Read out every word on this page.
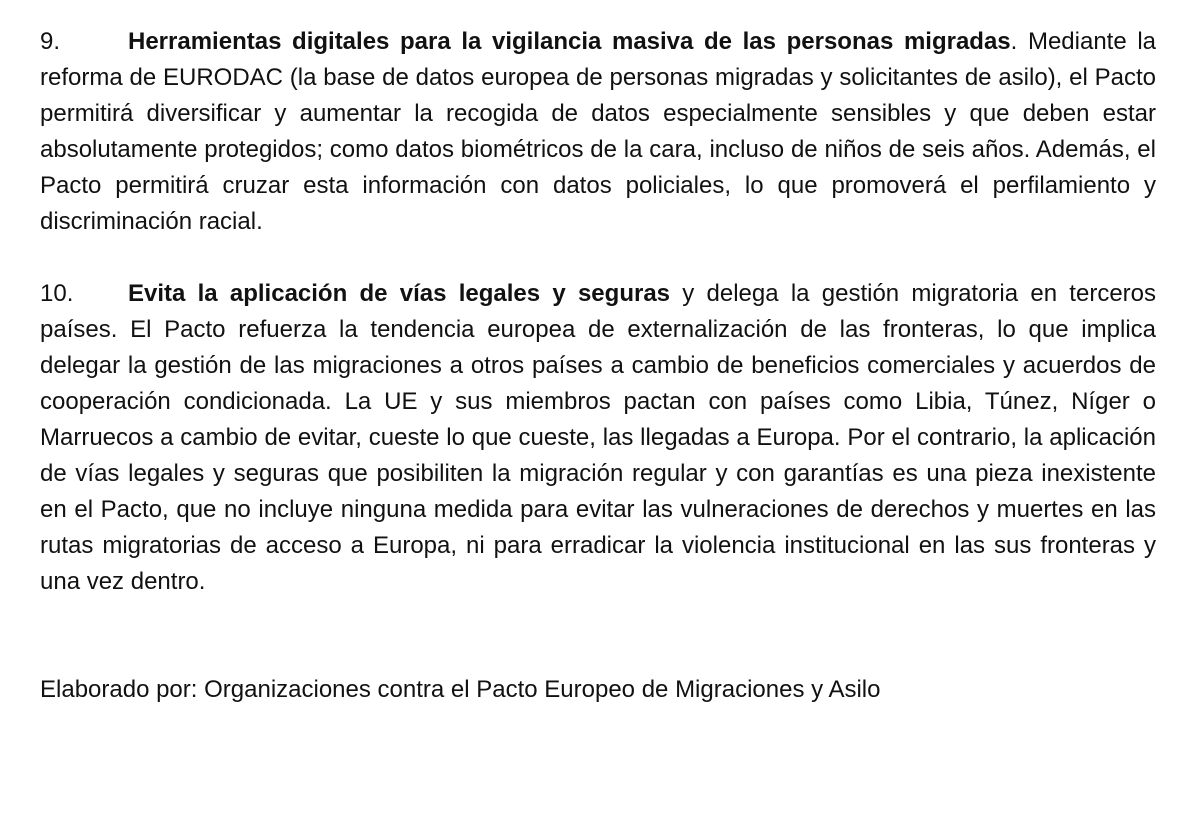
9.	Herramientas digitales para la vigilancia masiva de las personas migradas. Mediante la reforma de EURODAC (la base de datos europea de personas migradas y solicitantes de asilo), el Pacto permitirá diversificar y aumentar la recogida de datos especialmente sensibles y que deben estar absolutamente protegidos; como datos biométricos de la cara, incluso de niños de seis años. Además, el Pacto permitirá cruzar esta información con datos policiales, lo que promoverá el perfilamiento y discriminación racial.

10. Evita la aplicación de vías legales y seguras y delega la gestión migratoria en terceros países. El Pacto refuerza la tendencia europea de externalización de las fronteras, lo que implica delegar la gestión de las migraciones a otros países a cambio de beneficios comerciales y acuerdos de cooperación condicionada. La UE y sus miembros pactan con países como Libia, Túnez, Níger o Marruecos a cambio de evitar, cueste lo que cueste, las llegadas a Europa. Por el contrario, la aplicación de vías legales y seguras que posibiliten la migración regular y con garantías es una pieza inexistente en el Pacto, que no incluye ninguna medida para evitar las vulneraciones de derechos y muertes en las rutas migratorias de acceso a Europa, ni para erradicar la violencia institucional en las sus fronteras y una vez dentro.

Elaborado por: Organizaciones contra el Pacto Europeo de Migraciones y Asilo
